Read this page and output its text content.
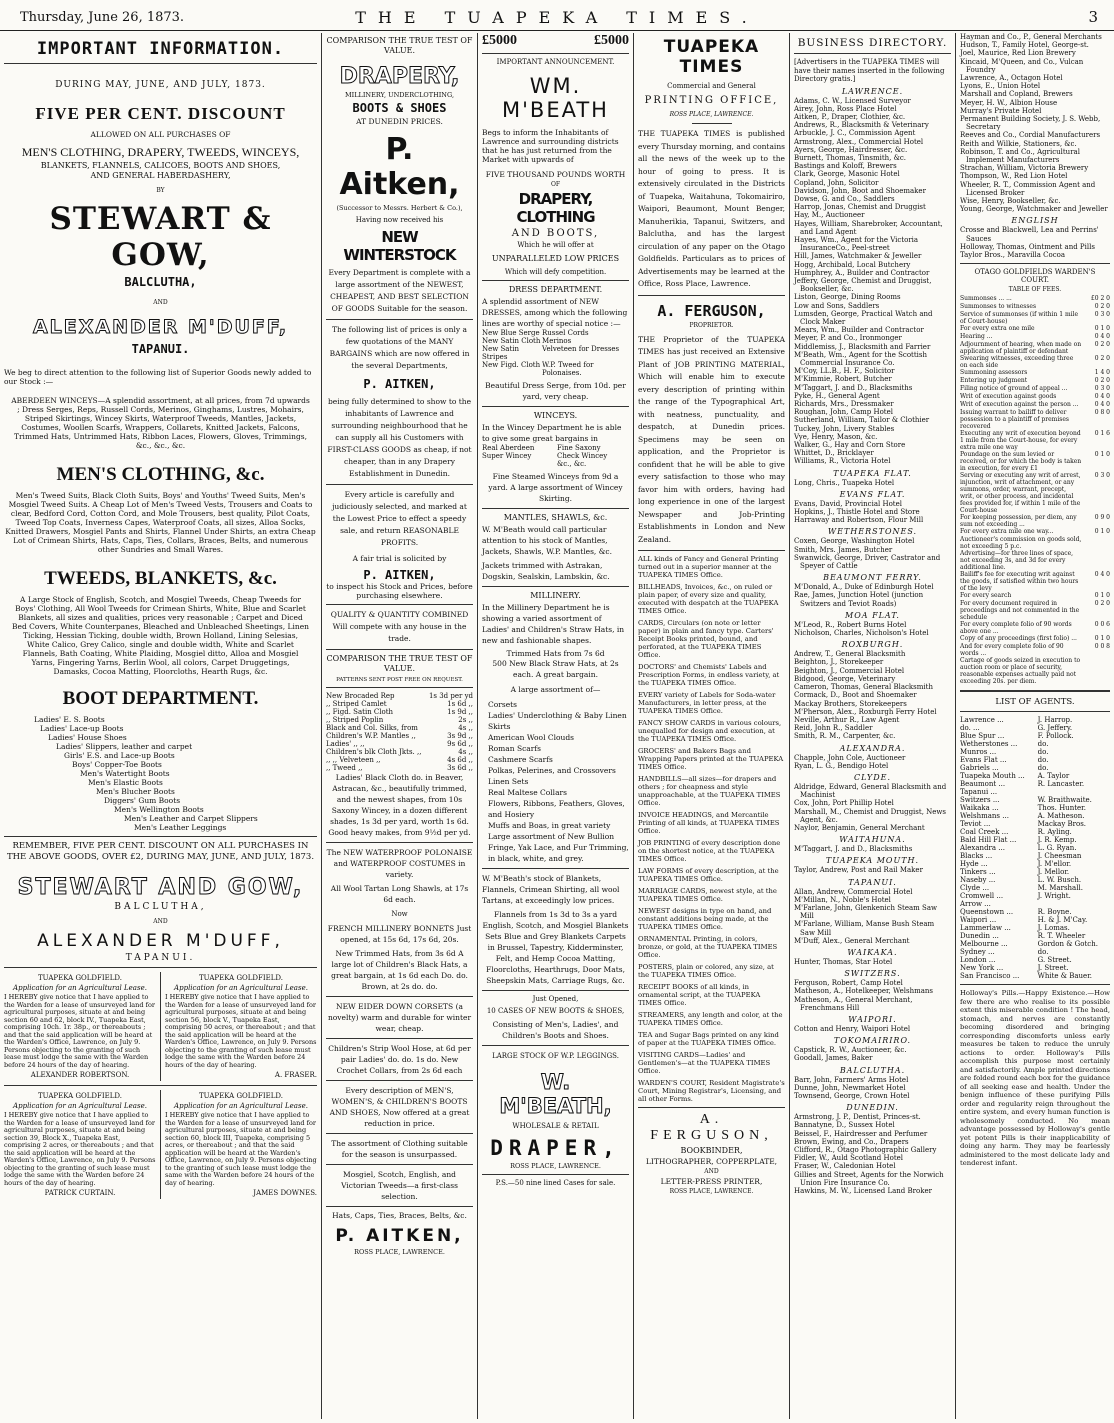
Thursday, June 26, 1873.	THE TUAPEKA TIMES.	3
IMPORTANT INFORMATION.
DURING MAY, JUNE, AND JULY, 1873.
FIVE PER CENT. DISCOUNT
ALLOWED ON ALL PURCHASES OF
MEN'S CLOTHING, DRAPERY, TWEEDS, WINCEYS,
BLANKETS, FLANNELS, CALICOES, BOOTS AND SHOES,
AND GENERAL HABERDASHERY,
BY
STEWART & GOW,
BALCLUTHA,
AND
ALEXANDER M'DUFF,
TAPANUI.

We beg to direct attention to the following list of Superior Goods newly added to our Stock :—

ABERDEEN WINCEYS—A splendid assortment, at all prices, from 7d upwards ; Dress Serges, Reps, Russell Cords, Merinos, Ginghams, Lustres, Mohairs, Striped Skirtings, Wincey Skirts, Waterproof Tweeds, Mantles, Jackets, Costumes, Woollen Scarfs, Wrappers, Collarets, Knitted Jackets, Falcons, Trimmed Hats, Untrimmed Hats, Ribbon Laces, Flowers, Gloves, Trimmings, &c., &c., &c.

MEN'S CLOTHING, &c.

Men's Tweed Suits, Black Cloth Suits, Boys' and Youths' Tweed Suits, Men's Mosgiel Tweed Suits. A Cheap Lot of Men's Tweed Vests, Trousers and Coats to clear, Bedford Cord, Cotton Cord, and Mole Trousers, best quality, Pilot Coats, Tweed Top Coats, Inverness Capes, Waterproof Coats, all sizes, Alloa Socks, Knitted Drawers, Mosgiel Pants and Shirts, Flannel Under Shirts, an extra Cheap Lot of Crimean Shirts, Hats, Caps, Ties, Collars, Braces, Belts, and numerous other Sundries and Small Wares.

TWEEDS, BLANKETS, &c.

A Large Stock of English, Scotch, and Mosgiel Tweeds, Cheap Tweeds for Boys' Clothing, All Wool Tweeds for Crimean Shirts, White, Blue and Scarlet Blankets, all sizes and qualities, prices very reasonable ; Carpet and Diced Bed Covers, White Counterpanes, Bleached and Unbleached Sheetings, Linen Ticking, Hessian Ticking, double width, Brown Holland, Lining Selesias, White Calico, Grey Calico, single and double width, White and Scarlet Flannels, Bath Coating, White Plaiding, Mosgiel ditto, Alloa and Mosgiel Yarns, Fingering Yarns, Berlin Wool, all colors, Carpet Druggetings, Damasks, Cocoa Matting, Floorcloths, Hearth Rugs, &c.

BOOT DEPARTMENT.
Ladies' E. S. Boots
Ladies' Lace-up Boots
Ladies' House Shoes
Ladies' Slippers, leather and carpet
Girls' E.S. and Lace-up Boots
Boys' Copper-Toe Boots
Men's Watertight Boots
Men's Elastic Boots
Men's Blucher Boots
Diggers' Gum Boots
Men's Wellington Boots
Men's Leather and Carpet Slippers
Men's Leather Leggings
REMEMBER, FIVE PER CENT. DISCOUNT ON ALL PURCHASES IN THE ABOVE GOODS, OVER £2, DURING MAY, JUNE, AND JULY, 1873.
STEWART AND GOW,
BALCLUTHA,
AND
ALEXANDER M'DUFF,
TAPANUI.
TUAPEKA GOLDFIELD.
Application for an Agricultural Lease.

I HEREBY give notice that I have applied to the Warden for a lease of unsurveyed land for agricultural purposes, situate at and being section 60 and 62, block IV., Tuapeka East, comprising 10ch. 1r. 38p., or thereabouts ; and that the said application will be heard at the Warden's Office, Lawrence, on July 9. Persons objecting to the granting of such lease must lodge the same with the Warden before 24 hours of the day of hearing.

ALEXANDER ROBERTSON.
TUAPEKA GOLDFIELD.
Application for an Agricultural Lease.

I HEREBY give notice that I have applied to the Warden for a lease of unsurveyed land for agricultural purposes, situate at and being section 56, block V., Tuapeka East, comprising 50 acres, or thereabout ; and that the said application will be heard at the Warden's Office, Lawrence, on July 9. Persons objecting to the granting of such lease must lodge the same with the Warden before 24 hours of the day of hearing.

A. FRASER.
TUAPEKA GOLDFIELD.
Application for an Agricultural Lease.

I HEREBY give notice that I have applied to the Warden for a lease of unsurveyed land for agricultural purposes, situate at and being section 39, Block X., Tuapeka East, comprising 2 acres, or thereabouts ; and that the said application will be heard at the Warden's Office, Lawrence, on July 9. Persons objecting to the granting of such lease must lodge the same with the Warden before 24 hours of the day of hearing.

PATRICK CURTAIN.
TUAPEKA GOLDFIELD.
Application for an Agricultural Lease.

I HEREBY give notice that I have applied to the Warden for a lease of unsurveyed land for agricultural purposes, situate at and being section 60, block III, Tuapeka, comprising 5 acres, or thereabout ; and that the said application will be heard at the Warden's Office, Lawrence, on July 9. Persons objecting to the granting of such lease must lodge the same with the Warden before 24 hours of the day of hearing.

JAMES DOWNES.
COMPARISON THE TRUE TEST OF VALUE.
DRAPERY,
MILLINERY, UNDERCLOTHING,
BOOTS & SHOES
AT DUNEDIN PRICES.
P. Aitken,
(Successor to Messrs. Herbert & Co.),
Having now received his
NEW WINTERSTOCK

Every Department is complete with a large assortment of the NEWEST, CHEAPEST, AND BEST SELECTION OF GOODS Suitable for the season.

The following list of prices is only a few quotations of the MANY BARGAINS which are now offered in the several Departments,

P. AITKEN,

being fully determined to show to the inhabitants of Lawrence and surrounding neighbourhood that he can supply all his Customers with FIRST-CLASS GOODS as cheap, if not cheaper, than in any Drapery Establishment in Dunedin.

Every article is carefully and judiciously selected, and marked at the Lowest Price to effect a speedy sale, and return REASONABLE PROFITS.

A fair trial is solicited by
P. AITKEN,

to inspect his Stock and Prices, before purchasing elsewhere.

QUALITY & QUANTITY COMBINED Will compete with any house in the trade.

COMPARISON THE TRUE TEST OF VALUE.
PATTERNS SENT POST FREE ON REQUEST.
New Brocaded Rep	1s 3d per yd
,, Striped Camlet	1s 6d ,,
,, Figd. Satin Cloth	1s 9d ,,
,, Striped Poplin	2s ,,
Black and Col. Silks, from	4s ,,
Children's W.P. Mantles ,,	3s 9d ,,
Ladies' ,, ,,	9s 6d ,,
Children's blk Cloth Jkts. ,,	4s ,,
,, ,, Velveteen ,,	4s 6d ,,
,, Tweed ,,	3s 6d ,,

Ladies' Black Cloth do. in Beaver, Astracan, &c., beautifully trimmed, and the newest shapes, from 10s Saxony Wincey, in a dozen different shades, 1s 3d per yard, worth 1s 6d. Good heavy makes, from 9½d per yd.

The NEW WATERPROOF POLONAISE and WATERPROOF COSTUMES in variety.

All Wool Tartan Long Shawls, at 17s 6d each.

Now

FRENCH MILLINERY BONNETS Just opened, at 15s 6d, 17s 6d, 20s.

New Trimmed Hats, from 3s 6d A large lot of Children's Black Hats, a great bargain, at 1s 6d each Do. do. Brown, at 2s do. do.

NEW EIDER DOWN CORSETS (a novelty) warm and durable for winter wear, cheap.

Children's Strip Wool Hose, at 6d per pair Ladies' do. do. 1s do. New Crochet Collars, from 2s 6d each

Every description of MEN'S, WOMEN'S, & CHILDREN'S BOOTS AND SHOES, Now offered at a great reduction in price.

The assortment of Clothing suitable for the season is unsurpassed.

Mosgiel, Scotch, English, and Victorian Tweeds—a first-class selection.

Hats, Caps, Ties, Braces, Belts, &c.

P. AITKEN,
ROSS PLACE, LAWRENCE.
£5000	£5000
IMPORTANT ANNOUNCEMENT.
WM. M'BEATH

Begs to inform the Inhabitants of Lawrence and surrounding districts that he has just returned from the Market with upwards of

FIVE THOUSAND POUNDS WORTH
OF
DRAPERY, CLOTHING
AND BOOTS,
Which he will offer at
UNPARALLELED LOW PRICES
Which will defy competition.
DRESS DEPARTMENT.

A splendid assortment of NEW DRESSES, among which the following lines are worthy of special notice :—

New Blue Serge	Russel Cords
New Satin Cloth	Merinos
New Satin Stripes	Velveteen for Dresses
New Figd. Cloth	W.P. Tweed for Polonaises.

Beautiful Dress Serge, from 10d. per yard, very cheap.

WINCEYS.

In the Wincey Department he is able to give some great bargains in

Real Aberdeen	Fine Saxony
Super Wincey	Check Wincey
	&c., &c.

Fine Steamed Winceys from 9d a yard. A large assortment of Wincey Skirting.

MANTLES, SHAWLS, &c.

W. M'Beath would call particular attention to his stock of Mantles, Jackets, Shawls, W.P. Mantles, &c.

Jackets trimmed with Astrakan, Dogskin, Sealskin, Lambskin, &c.

MILLINERY.

In the Millinery Department he is showing a varied assortment of Ladies' and Children's Straw Hats, in new and fashionable shapes.

Trimmed Hats from 7s 6d

500 New Black Straw Hats, at 2s each. A great bargain.

A large assortment of—

Corsets
Ladies' Underclothing & Baby Linen
Skirts
American Wool Clouds
Roman Scarfs
Cashmere Scarfs
Polkas, Pelerines, and Crossovers
Linen Sets
Real Maltese Collars
Flowers, Ribbons, Feathers, Gloves, and Hosiery
Muffs and Boas, in great variety
Large assortment of New Bullion Fringe, Yak Lace, and Fur Trimming, in black, white, and grey.

W. M'Beath's stock of Blankets, Flannels, Crimean Shirting, all wool Tartans, at exceedingly low prices.

Flannels from 1s 3d to 3s a yard English, Scotch, and Mosgiel Blankets Sets Blue and Grey Blankets Carpets in Brussel, Tapestry, Kidderminster, Felt, and Hemp Cocoa Matting, Floorcloths, Hearthrugs, Door Mats, Sheepskin Mats, Carriage Rugs, &c.

Just Opened,
10 CASES OF NEW BOOTS & SHOES,

Consisting of Men's, Ladies', and Children's Boots and Shoes.

LARGE STOCK OF W.P. LEGGINGS.
W. M'BEATH,
WHOLESALE & RETAIL
DRAPER,
ROSS PLACE, LAWRENCE.
P.S.—50 nine lined Cases for sale.
TUAPEKA TIMES
Commercial and General
PRINTING OFFICE,
ROSS PLACE, LAWRENCE.

THE TUAPEKA TIMES is published every Thursday morning, and contains all the news of the week up to the hour of going to press. It is extensively circulated in the Districts of Tuapeka, Waitahuna, Tokomairiro, Waipori, Beaumont, Mount Benger, Manuherikia, Tapanui, Switzers, and Balclutha, and has the largest circulation of any paper on the Otago Goldfields. Particulars as to prices of Advertisements may be learned at the Office, Ross Place, Lawrence.

A. FERGUSON,
PROPRIETOR.

THE Proprietor of the TUAPEKA TIMES has just received an Extensive Plant of JOB PRINTING MATERIAL, Which will enable him to execute every description of printing within the range of the Typographical Art, with neatness, punctuality, and despatch, at Dunedin prices. Specimens may be seen on application, and the Proprietor is confident that he will be able to give every satisfaction to those who may favor him with orders, having had long experience in one of the largest Newspaper and Job-Printing Establishments in London and New Zealand.

ALL kinds of Fancy and General Printing turned out in a superior manner at the TUAPEKA TIMES Office.

BILLHEADS, Invoices, &c., on ruled or plain paper, of every size and quality, executed with despatch at the TUAPEKA TIMES Office.

CARDS, Circulars (on note or letter paper) in plain and fancy type. Carters' Receipt Books printed, bound, and perforated, at the TUAPEKA TIMES Office.

DOCTORS' and Chemists' Labels and Prescription Forms, in endless variety, at the TUAPEKA TIMES Office.

EVERY variety of Labels for Soda-water Manufacturers, in letter press, at the TUAPEKA TIMES Office.

FANCY SHOW CARDS in various colours, unequalled for design and execution, at the TUAPEKA TIMES Office.

GROCERS' and Bakers Bags and Wrapping Papers printed at the TUAPEKA TIMES Office.

HANDBILLS—all sizes—for drapers and others ; for cheapness and style unapproachable, at the TUAPEKA TIMES Office.

INVOICE HEADINGS, and Mercantile Printing of all kinds, at TUAPEKA TIMES Office.

JOB PRINTING of every description done on the shortest notice, at the TUAPEKA TIMES Office.

LAW FORMS of every description, at the TUAPEKA TIMES Office.

MARRIAGE CARDS, newest style, at the TUAPEKA TIMES Office.

NEWEST designs in type on hand, and constant additions being made, at the TUAPEKA TIMES Office.

ORNAMENTAL Printing, in colors, bronze, or gold, at the TUAPEKA TIMES Office.

POSTERS, plain or colored, any size, at the TUAPEKA TIMES Office.

RECEIPT BOOKS of all kinds, in ornamental script, at the TUAPEKA TIMES Office.

STREAMERS, any length and color, at the TUAPEKA TIMES Office.

TEA and Sugar Bags printed on any kind of paper at the TUAPEKA TIMES Office.

VISITING CARDS—Ladies' and Gentlemen's—at the TUAPEKA TIMES Office.

WARDEN'S COURT, Resident Magistrate's Court, Mining Registrar's, Licensing, and all other Forms.

A. FERGUSON,
BOOKBINDER,
LITHOGRAPHER, COPPERPLATE,
AND
LETTER-PRESS PRINTER,
ROSS PLACE, LAWRENCE.
BUSINESS DIRECTORY.

[Advertisers in the TUAPEKA TIMES will have their names inserted in the following Directory gratis.]

LAWRENCE.
Adams, C. W., Licensed Surveyor
Airey, John, Ross Place Hotel
Aitken, P., Draper, Clothier, &c.
Andrews, R., Blacksmith & Veterinary
Arbuckle, J. C., Commission Agent
Armstrong, Alex., Commercial Hotel
Ayers, George, Hairdresser, &c.
Burnett, Thomas, Tinsmith, &c.
Bastings and Koloff, Brewers
Clark, George, Masonic Hotel
Copland, John, Solicitor
Davidson, John, Boot and Shoemaker
Dowse, G. and Co., Saddlers
Harrop, Jonas, Chemist and Druggist
Hay, M., Auctioneer
Hayes, William, Sharebroker, Accountant, and Land Agent
Hayes, Wm., Agent for the Victoria InsuranceCo., Peel-street
Hill, James, Watchmaker & Jeweller
Hogg, Archibald, Local Butchery
Humphrey, A., Builder and Contractor
Jeffery, George, Chemist and Druggist, Bookseller, &c.
Liston, George, Dining Rooms
Low and Sons, Saddlers
Lumsden, George, Practical Watch and Clock Maker
Mears, Wm., Builder and Contractor
Meyer, P. and Co., Ironmonger
Middlemiss, J., Blacksmith and Farrier
M'Beath, Wm., Agent for the Scottish Commercial Insurance Co.
M'Coy, LL.B., H. F., Solicitor
M'Kimmie, Robert, Butcher
M'Taggart, J. and D., Blacksmiths
Pyke, H., General Agent
Richards, Mrs., Dressmaker
Roughan, John, Camp Hotel
Sutherland, William, Tailor & Clothier
Tuckey, John, Livery Stables
Vye, Henry, Mason, &c.
Walker, G., Hay and Corn Store
Whittet, D., Bricklayer
Williams, R., Victoria Hotel
TUAPEKA FLAT.
Long, Chris., Tuapeka Hotel
EVANS FLAT.
Evans, David, Provincial Hotel
Hopkins, J., Thistle Hotel and Store
Harraway and Robertson, Flour Mill
WETHERSTONES.
Coxen, George, Washington Hotel
Smith, Mrs. James, Butcher
Swanwick, George, Driver, Castrator and Speyer of Cattle
BEAUMONT FERRY.
M'Donald, A., Duke of Edinburgh Hotel
Rae, James, Junction Hotel (junction Switzers and Teviot Roads)
MOA FLAT.
M'Leod, R., Robert Burns Hotel
Nicholson, Charles, Nicholson's Hotel
ROXBURGH.
Andrew, T., General Blacksmith
Beighton, J., Storekeeper
Beighton, J., Commercial Hotel
Bidgood, George, Veterinary
Cameron, Thomas, General Blacksmith
Cormack, D., Boot and Shoemaker
Mackay Brothers, Storekeepers
M'Pherson, Alex., Roxburgh Ferry Hotel
Neville, Arthur R., Law Agent
Reid, John R., Saddler
Smith, R. M., Carpenter, &c.
ALEXANDRA.
Chapple, John Cole, Auctioneer
Ryan, L. G., Bendigo Hotel
CLYDE.
Aldridge, Edward, General Blacksmith and Machinist
Cox, John, Port Phillip Hotel
Marshall, M., Chemist and Druggist, News Agent, &c.
Naylor, Benjamin, General Merchant
WAITAHUNA.
M'Taggart, J. and D., Blacksmiths
TUAPEKA MOUTH.
Taylor, Andrew, Post and Rail Maker
TAPANUI.
Allan, Andrew, Commercial Hotel
M'Millan, N., Noble's Hotel
M'Farlane, John, Glenkenich Steam Saw Mill
M'Farlane, William, Manse Bush Steam Saw Mill
M'Duff, Alex., General Merchant
WAIKAKA.
Hunter, Thomas, Star Hotel
SWITZERS.
Ferguson, Robert, Camp Hotel
Matheson, A., Hotelkeeper, Welshmans
Matheson, A., General Merchant, Frenchmans Hill
WAIPORI.
Cotton and Henry, Waipori Hotel
TOKOMAIRIRO.
Capstick, R. W., Auctioneer, &c.
Goodall, James, Baker
BALCLUTHA.
Barr, John, Farmers' Arms Hotel
Dunne, John, Newmarket Hotel
Townsend, George, Crown Hotel
DUNEDIN.
Armstrong, J. P., Dentist, Princes-st.
Bannatyne, D., Sussex Hotel
Beissel, F., Hairdresser and Perfumer
Brown, Ewing, and Co., Drapers
Clifford, R., Otago Photographic Gallery
Fidler, W., Auld Scotland Hotel
Fraser, W., Caledonian Hotel
Gillies and Street, Agents for the Norwich Union Fire Insurance Co.
Hawkins, M. W., Licensed Land Broker
Hayman and Co., P., General Merchants
Hudson, T., Family Hotel, George-st.
Joel, Maurice, Red Lion Brewery
Kincaid, M'Queen, and Co., Vulcan Foundry
Lawrence, A., Octagon Hotel
Lyons, E., Union Hotel
Marshall and Copland, Brewers
Meyer, H. W., Albion House
Murray's Private Hotel
Permanent Building Society, J. S. Webb, Secretary
Reeves and Co., Cordial Manufacturers
Reith and Wilkie, Stationers, &c.
Robinson, T. and Co., Agricultural Implement Manufacturers
Strachan, William, Victoria Brewery
Thompson, W., Red Lion Hotel
Wheeler, R. T., Commission Agent and Licensed Broker
Wise, Henry, Bookseller, &c.
Young, George, Watchmaker and Jeweller
ENGLISH
Crosse and Blackwell, Lea and Perrins' Sauces
Holloway, Thomas, Ointment and Pills
Taylor Bros., Maravilla Cocoa
OTAGO GOLDFIELDS WARDEN'S COURT.
TABLE OF FEES.
Summonses ... ...	£0 2 0
Summonses to witnesses	0 2 0
Service of summonses (if within 1 mile of Court-house)	0 3 0
For every extra one mile	0 1 0
Hearing ...	0 4 0
Adjournment of hearing, when made on application of plaintiff or defendant	0 2 0
Swearing witnesses, exceeding three on each side	0 2 0
Summoning assessors	1 4 0
Entering up judgment	0 2 0
Filing notice of ground of appeal ...	0 3 0
Writ of execution against goods	0 4 0
Writ of execution against the person ...	0 4 0
Issuing warrant to bailiff to deliver possession to a plaintiff of premises recovered	0 8 0
Executing any writ of execution beyond 1 mile from the Court-house, for every extra mile one way	0 1 6
Poundage on the sum levied or received, or for which the body is taken in execution, for every £1	0 1 0
Serving or executing any writ of arrest, injunction, writ of attachment, or any summons, order, warrant, precept, writ, or other process, and incidental fees provided for, if within 1 mile of the Court-house	0 3 0
For keeping possession, per diem, any sum not exceeding ...	0 9 0
For every extra mile one way...	0 1 0
Auctioneer's commission on goods sold, not exceeding 5 p.c.	
Advertising—for three lines of space, not exceeding 3s, and 3d for every additional line.	
Bailiff's fee for executing writ against the goods, if satisfied within two hours of the levy	0 4 0
For every search	0 1 0
For every document required in proceedings and not commented in the schedule	0 2 0
For every complete folio of 90 words above one ...	0 0 6
Copy of any proceedings (first folio) ...	0 1 0
And for every complete folio of 90 words ...	0 0 8
Cartage of goods seized in execution to auction room or place of security, reasonable expenses actually paid not exceeding 20s. per diem.	
LIST OF AGENTS.
Lawrence ...	J. Harrop.
do. ...	G. Jeffery.
Blue Spur ...	F. Pollock.
Wetherstones ...	do.
Munros ...	do.
Evans Flat ...	do.
Gabriels ...	do.
Tuapeka Mouth ...	A. Taylor
Beaumont ...	R. Lancaster.
Tapanui ...	
Switzers ...	W. Braithwaite.
Waikaka ...	Thos. Hunter.
Welshmans ...	A. Matheson.
Teviot ...	Mackay Bros.
Coal Creek ...	R. Ayling.
Bald Hill Flat ...	J. R. Kemp.
Alexandra ...	L. G. Ryan.
Blacks ...	J. Cheesman
Hyde ...	J. M'ellor.
Tinkers ...	J. Mellor.
Naseby ...	L. W. Busch.
Clyde ...	M. Marshall.
Cromwell ...	J. Wright.
Arrow ...	
Queenstown ...	R. Boyne.
Waipori ...	H. & J. M'Cay.
Lammerlaw ...	J. Lomas.
Dunedin ...	R. T. Wheeler
Melbourne ...	Gordon & Gotch.
Sydney ...	do.
London ...	G. Street.
New York ...	J. Street.
San Francisco ...	White & Bauer.

Holloway's Pills.—Happy Existence.—How few there are who realise to its possible extent this miserable condition ! The head, stomach, and nerves are constantly becoming disordered and bringing corresponding discomforts unless early measures be taken to reduce the unruly actions to order. Holloway's Pills accomplish this purpose most certainly and satisfactorily. Ample printed directions are folded round each box for the guidance of all seeking ease and health. Under the benign influence of these purifying Pills order and regularity reign throughout the entire system, and every human function is wholesomely conducted. No mean advantage possessed by Holloway's gentle yet potent Pills is their inapplicability of doing any harm. They may be fearlessly administered to the most delicate lady and tenderest infant.
